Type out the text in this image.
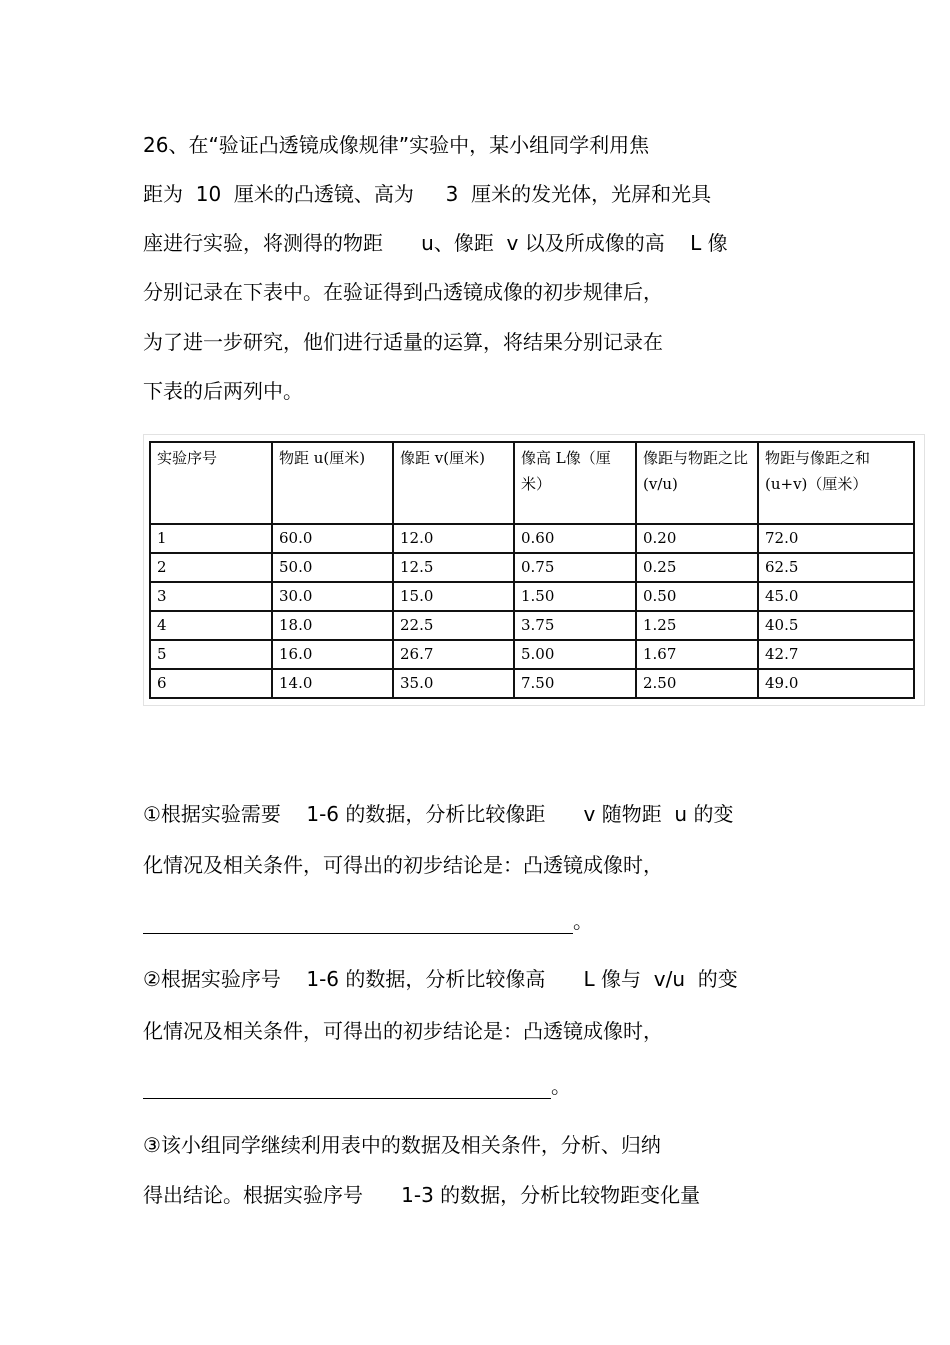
26、在“验证凸透镜成像规律”实验中，某小组同学利用焦
距为  10  厘米的凸透镜、高为     3  厘米的发光体，光屏和光具
座进行实验，将测得的物距      u、像距  v 以及所成像的高    L 像
分别记录在下表中。在验证得到凸透镜成像的初步规律后，
为了进一步研究，他们进行适量的运算，将结果分别记录在
下表的后两列中。
实验序号	物距 u(厘米)	像距 v(厘米)	像高 L像（厘米）	像距与物距之比(v/u)	物距与像距之和(u+v)（厘米）
1	60.0	12.0	0.60	0.20	72.0
2	50.0	12.5	0.75	0.25	62.5
3	30.0	15.0	1.50	0.50	45.0
4	18.0	22.5	3.75	1.25	40.5
5	16.0	26.7	5.00	1.67	42.7
6	14.0	35.0	7.50	2.50	49.0
①根据实验需要    1-6 的数据，分析比较像距      v 随物距  u 的变
化情况及相关条件，可得出的初步结论是：凸透镜成像时，
。
②根据实验序号    1-6 的数据，分析比较像高      L 像与  v/u  的变
化情况及相关条件，可得出的初步结论是：凸透镜成像时，
。
③该小组同学继续利用表中的数据及相关条件，分析、归纳
得出结论。根据实验序号      1-3 的数据，分析比较物距变化量
